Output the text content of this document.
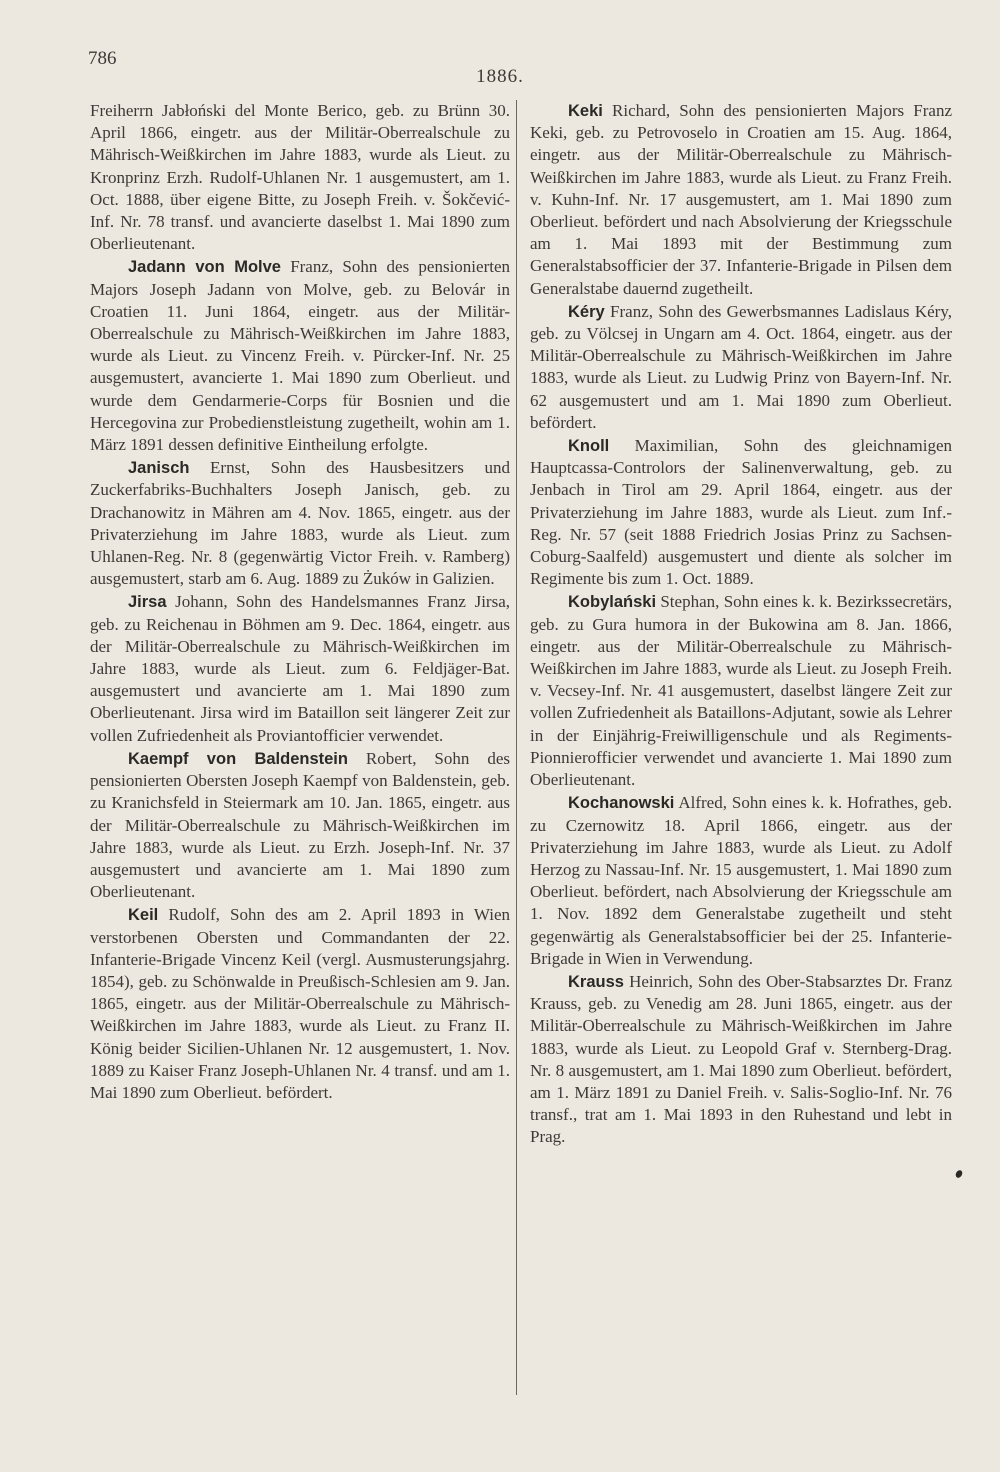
786
1886.

Freiherrn Jabłoński del Monte Berico, geb. zu Brünn 30. April 1866, eingetr. aus der Militär-Oberrealschule zu Mährisch-Weißkirchen im Jahre 1883, wurde als Lieut. zu Kronprinz Erzh. Rudolf-Uhlanen Nr. 1 ausgemustert, am 1. Oct. 1888, über eigene Bitte, zu Joseph Freih. v. Šokčević-Inf. Nr. 78 transf. und avancierte daselbst 1. Mai 1890 zum Oberlieutenant.

Jadann von Molve Franz, Sohn des pensionierten Majors Joseph Jadann von Molve, geb. zu Belovár in Croatien 11. Juni 1864, eingetr. aus der Militär-Oberrealschule zu Mährisch-Weißkirchen im Jahre 1883, wurde als Lieut. zu Vincenz Freih. v. Pürcker-Inf. Nr. 25 ausgemustert, avancierte 1. Mai 1890 zum Oberlieut. und wurde dem Gendarmerie-Corps für Bosnien und die Hercegovina zur Probedienstleistung zugetheilt, wohin am 1. März 1891 dessen definitive Eintheilung erfolgte.

Janisch Ernst, Sohn des Hausbesitzers und Zuckerfabriks-Buchhalters Joseph Janisch, geb. zu Drachanowitz in Mähren am 4. Nov. 1865, eingetr. aus der Privaterziehung im Jahre 1883, wurde als Lieut. zum Uhlanen-Reg. Nr. 8 (gegenwärtig Victor Freih. v. Ramberg) ausgemustert, starb am 6. Aug. 1889 zu Żuków in Galizien.

Jirsa Johann, Sohn des Handelsmannes Franz Jirsa, geb. zu Reichenau in Böhmen am 9. Dec. 1864, eingetr. aus der Militär-Oberrealschule zu Mährisch-Weißkirchen im Jahre 1883, wurde als Lieut. zum 6. Feldjäger-Bat. ausgemustert und avancierte am 1. Mai 1890 zum Oberlieutenant. Jirsa wird im Bataillon seit längerer Zeit zur vollen Zufriedenheit als Proviantofficier verwendet.

Kaempf von Baldenstein Robert, Sohn des pensionierten Obersten Joseph Kaempf von Baldenstein, geb. zu Kranichsfeld in Steiermark am 10. Jan. 1865, eingetr. aus der Militär-Oberrealschule zu Mährisch-Weißkirchen im Jahre 1883, wurde als Lieut. zu Erzh. Joseph-Inf. Nr. 37 ausgemustert und avancierte am 1. Mai 1890 zum Oberlieutenant.

Keil Rudolf, Sohn des am 2. April 1893 in Wien verstorbenen Obersten und Commandanten der 22. Infanterie-Brigade Vincenz Keil (vergl. Ausmusterungsjahrg. 1854), geb. zu Schönwalde in Preußisch-Schlesien am 9. Jan. 1865, eingetr. aus der Militär-Oberrealschule zu Mährisch-Weißkirchen im Jahre 1883, wurde als Lieut. zu Franz II. König beider Sicilien-Uhlanen Nr. 12 ausgemustert, 1. Nov. 1889 zu Kaiser Franz Joseph-Uhlanen Nr. 4 transf. und am 1. Mai 1890 zum Oberlieut. befördert.

Keki Richard, Sohn des pensionierten Majors Franz Keki, geb. zu Petrovoselo in Croatien am 15. Aug. 1864, eingetr. aus der Militär-Oberrealschule zu Mährisch-Weißkirchen im Jahre 1883, wurde als Lieut. zu Franz Freih. v. Kuhn-Inf. Nr. 17 ausgemustert, am 1. Mai 1890 zum Oberlieut. befördert und nach Absolvierung der Kriegsschule am 1. Mai 1893 mit der Bestimmung zum Generalstabsofficier der 37. Infanterie-Brigade in Pilsen dem Generalstabe dauernd zugetheilt.

Kéry Franz, Sohn des Gewerbsmannes Ladislaus Kéry, geb. zu Völcsej in Ungarn am 4. Oct. 1864, eingetr. aus der Militär-Oberrealschule zu Mährisch-Weißkirchen im Jahre 1883, wurde als Lieut. zu Ludwig Prinz von Bayern-Inf. Nr. 62 ausgemustert und am 1. Mai 1890 zum Oberlieut. befördert.

Knoll Maximilian, Sohn des gleichnamigen Hauptcassa-Controlors der Salinenverwaltung, geb. zu Jenbach in Tirol am 29. April 1864, eingetr. aus der Privaterziehung im Jahre 1883, wurde als Lieut. zum Inf.-Reg. Nr. 57 (seit 1888 Friedrich Josias Prinz zu Sachsen-Coburg-Saalfeld) ausgemustert und diente als solcher im Regimente bis zum 1. Oct. 1889.

Kobylański Stephan, Sohn eines k. k. Bezirkssecretärs, geb. zu Gura humora in der Bukowina am 8. Jan. 1866, eingetr. aus der Militär-Oberrealschule zu Mährisch-Weißkirchen im Jahre 1883, wurde als Lieut. zu Joseph Freih. v. Vecsey-Inf. Nr. 41 ausgemustert, daselbst längere Zeit zur vollen Zufriedenheit als Bataillons-Adjutant, sowie als Lehrer in der Einjährig-Freiwilligenschule und als Regiments-Pionnierofficier verwendet und avancierte 1. Mai 1890 zum Oberlieutenant.

Kochanowski Alfred, Sohn eines k. k. Hofrathes, geb. zu Czernowitz 18. April 1866, eingetr. aus der Privaterziehung im Jahre 1883, wurde als Lieut. zu Adolf Herzog zu Nassau-Inf. Nr. 15 ausgemustert, 1. Mai 1890 zum Oberlieut. befördert, nach Absolvierung der Kriegsschule am 1. Nov. 1892 dem Generalstabe zugetheilt und steht gegenwärtig als Generalstabsofficier bei der 25. Infanterie-Brigade in Wien in Verwendung.

Krauss Heinrich, Sohn des Ober-Stabsarztes Dr. Franz Krauss, geb. zu Venedig am 28. Juni 1865, eingetr. aus der Militär-Oberrealschule zu Mährisch-Weißkirchen im Jahre 1883, wurde als Lieut. zu Leopold Graf v. Sternberg-Drag. Nr. 8 ausgemustert, am 1. Mai 1890 zum Oberlieut. befördert, am 1. März 1891 zu Daniel Freih. v. Salis-Soglio-Inf. Nr. 76 transf., trat am 1. Mai 1893 in den Ruhestand und lebt in Prag.
